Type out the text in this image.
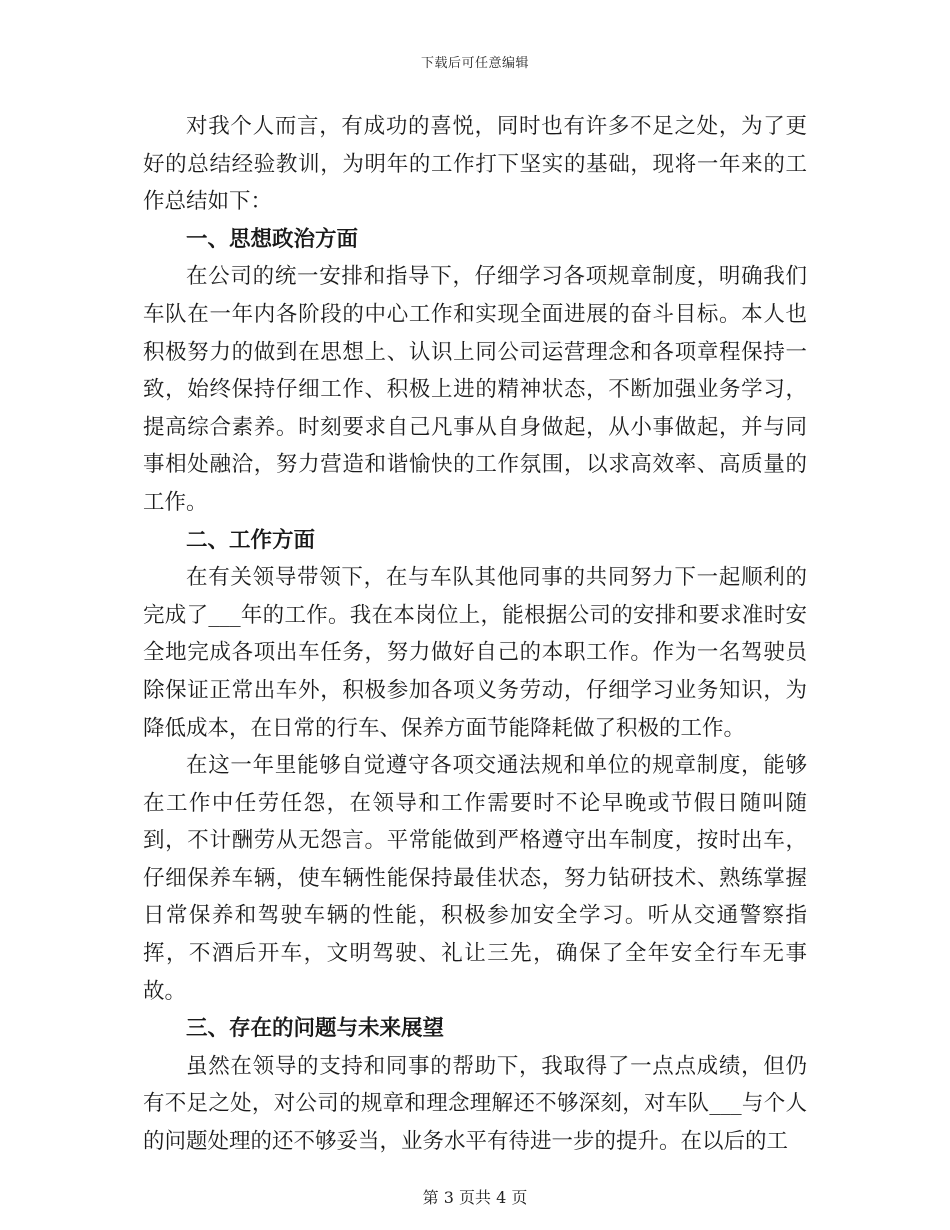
下载后可任意编辑

对我个人而言，有成功的喜悦，同时也有许多不足之处，为了更好的总结经验教训，为明年的工作打下坚实的基础，现将一年来的工作总结如下：

一、思想政治方面

在公司的统一安排和指导下，仔细学习各项规章制度，明确我们车队在一年内各阶段的中心工作和实现全面进展的奋斗目标。本人也积极努力的做到在思想上、认识上同公司运营理念和各项章程保持一致，始终保持仔细工作、积极上进的精神状态，不断加强业务学习，提高综合素养。时刻要求自己凡事从自身做起，从小事做起，并与同事相处融洽，努力营造和谐愉快的工作氛围，以求高效率、高质量的工作。

二、工作方面

在有关领导带领下，在与车队其他同事的共同努力下一起顺利的完成了___年的工作。我在本岗位上，能根据公司的安排和要求准时安全地完成各项出车任务，努力做好自己的本职工作。作为一名驾驶员除保证正常出车外，积极参加各项义务劳动，仔细学习业务知识，为降低成本，在日常的行车、保养方面节能降耗做了积极的工作。

在这一年里能够自觉遵守各项交通法规和单位的规章制度，能够在工作中任劳任怨，在领导和工作需要时不论早晚或节假日随叫随到，不计酬劳从无怨言。平常能做到严格遵守出车制度，按时出车，仔细保养车辆，使车辆性能保持最佳状态，努力钻研技术、熟练掌握日常保养和驾驶车辆的性能，积极参加安全学习。听从交通警察指挥，不酒后开车，文明驾驶、礼让三先，确保了全年安全行车无事故。

三、存在的问题与未来展望

虽然在领导的支持和同事的帮助下，我取得了一点点成绩，但仍有不足之处，对公司的规章和理念理解还不够深刻，对车队___与个人的问题处理的还不够妥当，业务水平有待进一步的提升。在以后的工

第 3 页共 4 页
